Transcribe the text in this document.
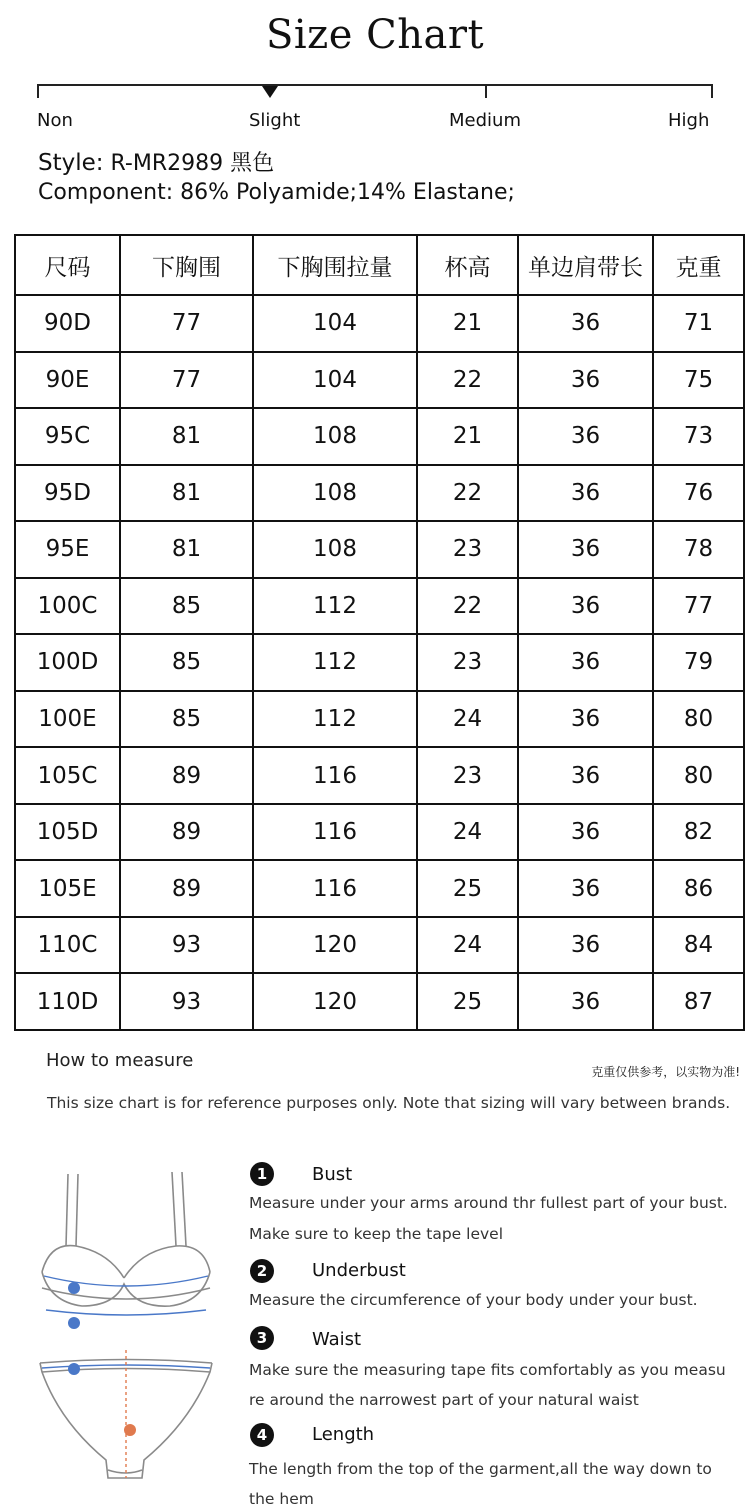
Size Chart
Non	Slight	Medium	High
Style: R-MR2989 黑色
Component: 86% Polyamide;14% Elastane;
尺码	下胸围	下胸围拉量	杯高	单边肩带长	克重
90D	77	104	21	36	71
90E	77	104	22	36	75
95C	81	108	21	36	73
95D	81	108	22	36	76
95E	81	108	23	36	78
100C	85	112	22	36	77
100D	85	112	23	36	79
100E	85	112	24	36	80
105C	89	116	23	36	80
105D	89	116	24	36	82
105E	89	116	25	36	86
110C	93	120	24	36	84
110D	93	120	25	36	87
How to measure
克重仅供参考，以实物为准!
This size chart is for reference purposes only. Note that sizing will vary between brands.
1	Bust
Measure under your arms around thr fullest part of your bust.
Make sure to keep the tape level
2	Underbust
Measure the circumference of your body under your bust.
3	Waist
Make sure the measuring tape fits comfortably as you measu
re around the narrowest part of your natural waist
4	Length
The length from the top of the garment,all the way down to
the hem
